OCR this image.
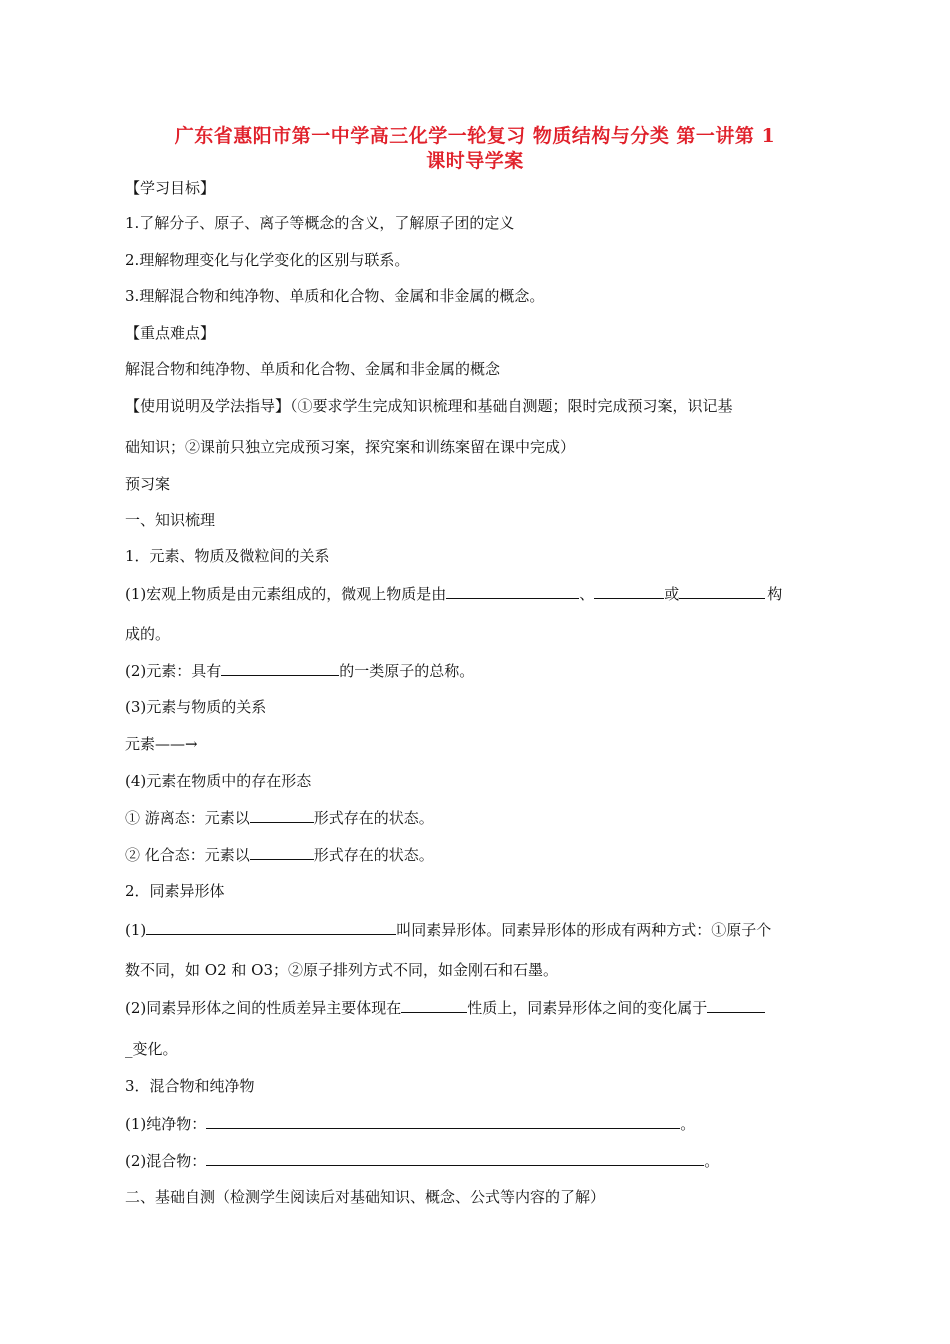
广东省惠阳市第一中学高三化学一轮复习 物质结构与分类 第一讲第 1
课时导学案
【学习目标】
1.了解分子、原子、离子等概念的含义，了解原子团的定义
2.理解物理变化与化学变化的区别与联系。
3.理解混合物和纯净物、单质和化合物、金属和非金属的概念。
【重点难点】
解混合物和纯净物、单质和化合物、金属和非金属的概念
【使用说明及学法指导】（①要求学生完成知识梳理和基础自测题；限时完成预习案，识记基
础知识；②课前只独立完成预习案，探究案和训练案留在课中完成）
预习案
一、知识梳理
1．元素、物质及微粒间的关系
(1)宏观上物质是由元素组成的，微观上物质是由	、	或	构
成的。
(2)元素：具有	的一类原子的总称。
(3)元素与物质的关系
元素——→
(4)元素在物质中的存在形态
① 游离态：元素以	形式存在的状态。
② 化合态：元素以	形式存在的状态。
2．同素异形体
(1)	叫同素异形体。同素异形体的形成有两种方式：①原子个
数不同，如 O2 和 O3；②原子排列方式不同，如金刚石和石墨。
(2)同素异形体之间的性质差异主要体现在	性质上，同素异形体之间的变化属于
_变化。
3．混合物和纯净物
(1)纯净物：	。
(2)混合物：	。
二、基础自测（检测学生阅读后对基础知识、概念、公式等内容的了解）
